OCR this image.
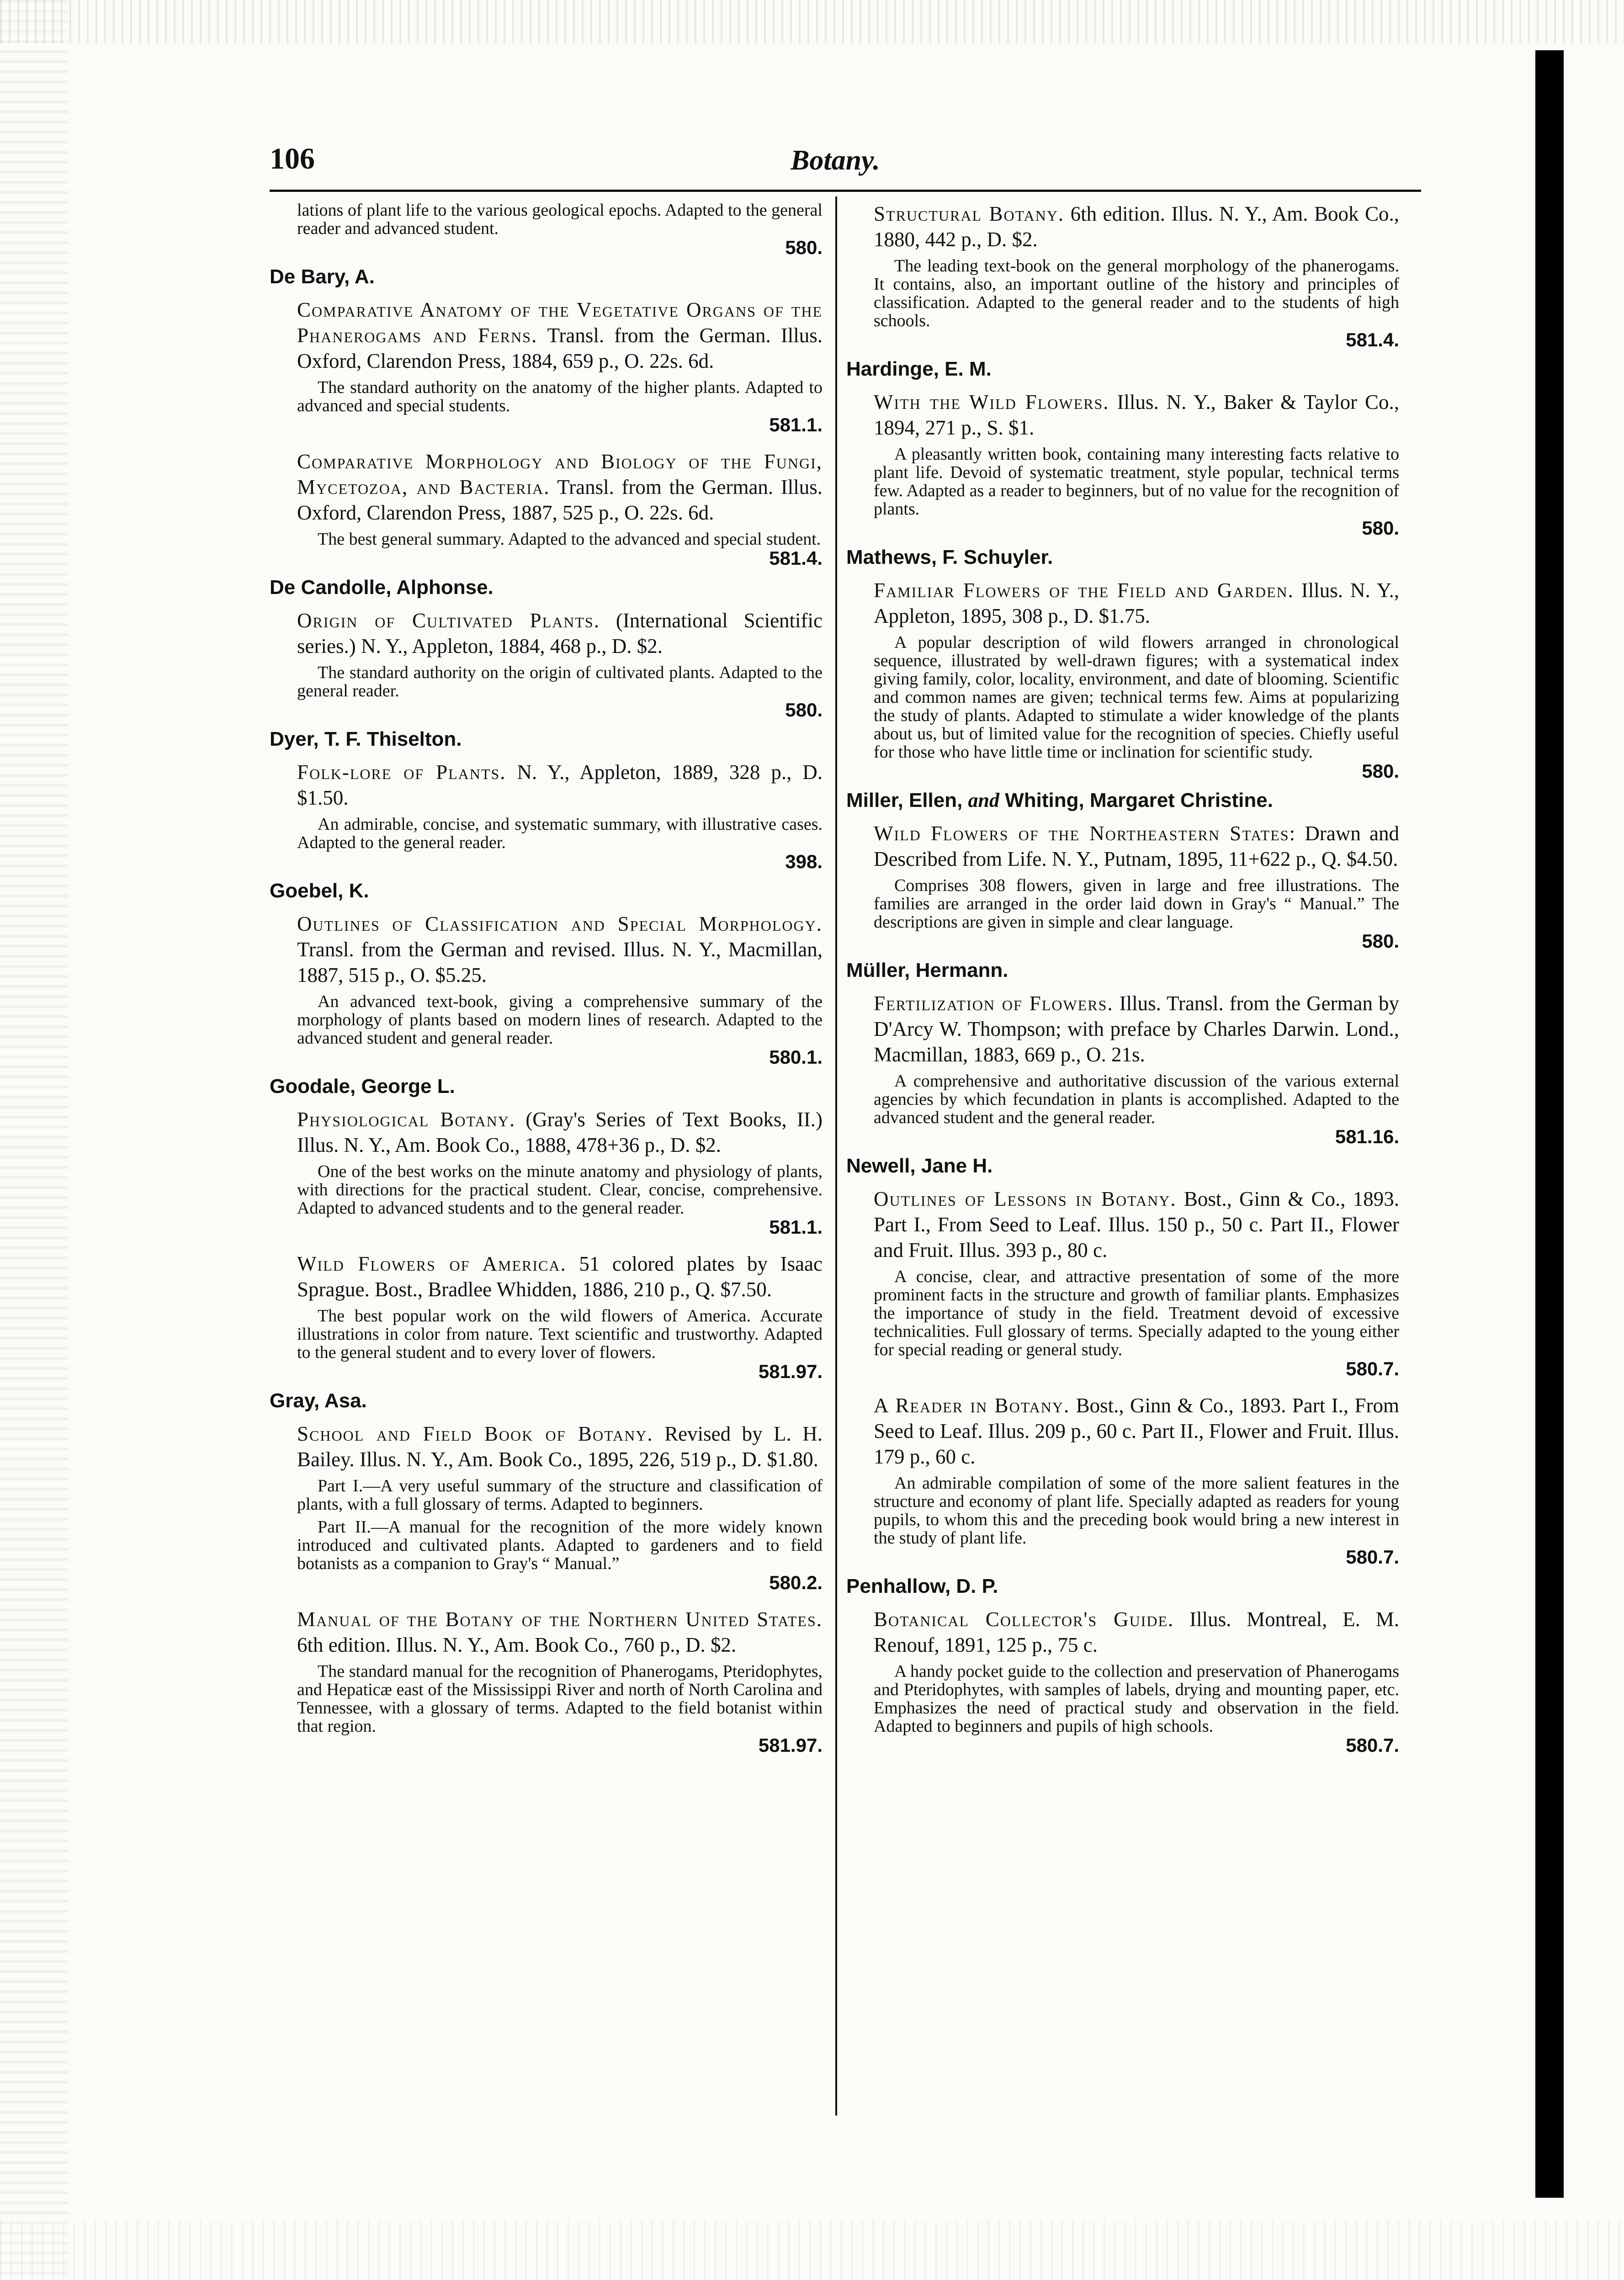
106	Botany.
lations of plant life to the various geological epochs. Adapted to the general reader and advanced student.
580.
De Bary, A.
Comparative Anatomy of the Vegetative Organs of the Phanerogams and Ferns. Transl. from the German. Illus. Oxford, Clarendon Press, 1884, 659 p., O. 22s. 6d.
The standard authority on the anatomy of the higher plants. Adapted to advanced and special students.
581.1.
Comparative Morphology and Biology of the Fungi, Mycetozoa, and Bacteria. Transl. from the German. Illus. Oxford, Clarendon Press, 1887, 525 p., O. 22s. 6d.
The best general summary. Adapted to the advanced and special student.
581.4.
De Candolle, Alphonse.
Origin of Cultivated Plants. (International Scientific series.) N. Y., Appleton, 1884, 468 p., D. $2.
The standard authority on the origin of cultivated plants. Adapted to the general reader.
580.
Dyer, T. F. Thiselton.
Folk-lore of Plants. N. Y., Appleton, 1889, 328 p., D. $1.50.
An admirable, concise, and systematic summary, with illustrative cases. Adapted to the general reader.
398.
Goebel, K.
Outlines of Classification and Special Morphology. Transl. from the German and revised. Illus. N. Y., Macmillan, 1887, 515 p., O. $5.25.
An advanced text-book, giving a comprehensive summary of the morphology of plants based on modern lines of research. Adapted to the advanced student and general reader.
580.1.
Goodale, George L.
Physiological Botany. (Gray's Series of Text Books, II.) Illus. N. Y., Am. Book Co., 1888, 478+36 p., D. $2.
One of the best works on the minute anatomy and physiology of plants, with directions for the practical student. Clear, concise, comprehensive. Adapted to advanced students and to the general reader.
581.1.
Wild Flowers of America. 51 colored plates by Isaac Sprague. Bost., Bradlee Whidden, 1886, 210 p., Q. $7.50.
The best popular work on the wild flowers of America. Accurate illustrations in color from nature. Text scientific and trustworthy. Adapted to the general student and to every lover of flowers.
581.97.
Gray, Asa.
School and Field Book of Botany. Revised by L. H. Bailey. Illus. N. Y., Am. Book Co., 1895, 226, 519 p., D. $1.80.
Part I.—A very useful summary of the structure and classification of plants, with a full glossary of terms. Adapted to beginners.
Part II.—A manual for the recognition of the more widely known introduced and cultivated plants. Adapted to gardeners and to field botanists as a companion to Gray's “ Manual.”
580.2.
Manual of the Botany of the Northern United States. 6th edition. Illus. N. Y., Am. Book Co., 760 p., D. $2.
The standard manual for the recognition of Phanerogams, Pteridophytes, and Hepaticæ east of the Mississippi River and north of North Carolina and Tennessee, with a glossary of terms. Adapted to the field botanist within that region.
581.97.
Structural Botany. 6th edition. Illus. N. Y., Am. Book Co., 1880, 442 p., D. $2.
The leading text-book on the general morphology of the phanerogams. It contains, also, an important outline of the history and principles of classification. Adapted to the general reader and to the students of high schools.
581.4.
Hardinge, E. M.
With the Wild Flowers. Illus. N. Y., Baker & Taylor Co., 1894, 271 p., S. $1.
A pleasantly written book, containing many interesting facts relative to plant life. Devoid of systematic treatment, style popular, technical terms few. Adapted as a reader to beginners, but of no value for the recognition of plants.
580.
Mathews, F. Schuyler.
Familiar Flowers of the Field and Garden. Illus. N. Y., Appleton, 1895, 308 p., D. $1.75.
A popular description of wild flowers arranged in chronological sequence, illustrated by well-drawn figures; with a systematical index giving family, color, locality, environment, and date of blooming. Scientific and common names are given; technical terms few. Aims at popularizing the study of plants. Adapted to stimulate a wider knowledge of the plants about us, but of limited value for the recognition of species. Chiefly useful for those who have little time or inclination for scientific study.
580.
Miller, Ellen, and Whiting, Margaret Christine.
Wild Flowers of the Northeastern States: Drawn and Described from Life. N. Y., Putnam, 1895, 11+622 p., Q. $4.50.
Comprises 308 flowers, given in large and free illustrations. The families are arranged in the order laid down in Gray's “ Manual.” The descriptions are given in simple and clear language.
580.
Müller, Hermann.
Fertilization of Flowers. Illus. Transl. from the German by D'Arcy W. Thompson; with preface by Charles Darwin. Lond., Macmillan, 1883, 669 p., O. 21s.
A comprehensive and authoritative discussion of the various external agencies by which fecundation in plants is accomplished. Adapted to the advanced student and the general reader.
581.16.
Newell, Jane H.
Outlines of Lessons in Botany. Bost., Ginn & Co., 1893. Part I., From Seed to Leaf. Illus. 150 p., 50 c. Part II., Flower and Fruit. Illus. 393 p., 80 c.
A concise, clear, and attractive presentation of some of the more prominent facts in the structure and growth of familiar plants. Emphasizes the importance of study in the field. Treatment devoid of excessive technicalities. Full glossary of terms. Specially adapted to the young either for special reading or general study.
580.7.
A Reader in Botany. Bost., Ginn & Co., 1893. Part I., From Seed to Leaf. Illus. 209 p., 60 c. Part II., Flower and Fruit. Illus. 179 p., 60 c.
An admirable compilation of some of the more salient features in the structure and economy of plant life. Specially adapted as readers for young pupils, to whom this and the preceding book would bring a new interest in the study of plant life.
580.7.
Penhallow, D. P.
Botanical Collector's Guide. Illus. Montreal, E. M. Renouf, 1891, 125 p., 75 c.
A handy pocket guide to the collection and preservation of Phanerogams and Pteridophytes, with samples of labels, drying and mounting paper, etc. Emphasizes the need of practical study and observation in the field. Adapted to beginners and pupils of high schools.
580.7.
